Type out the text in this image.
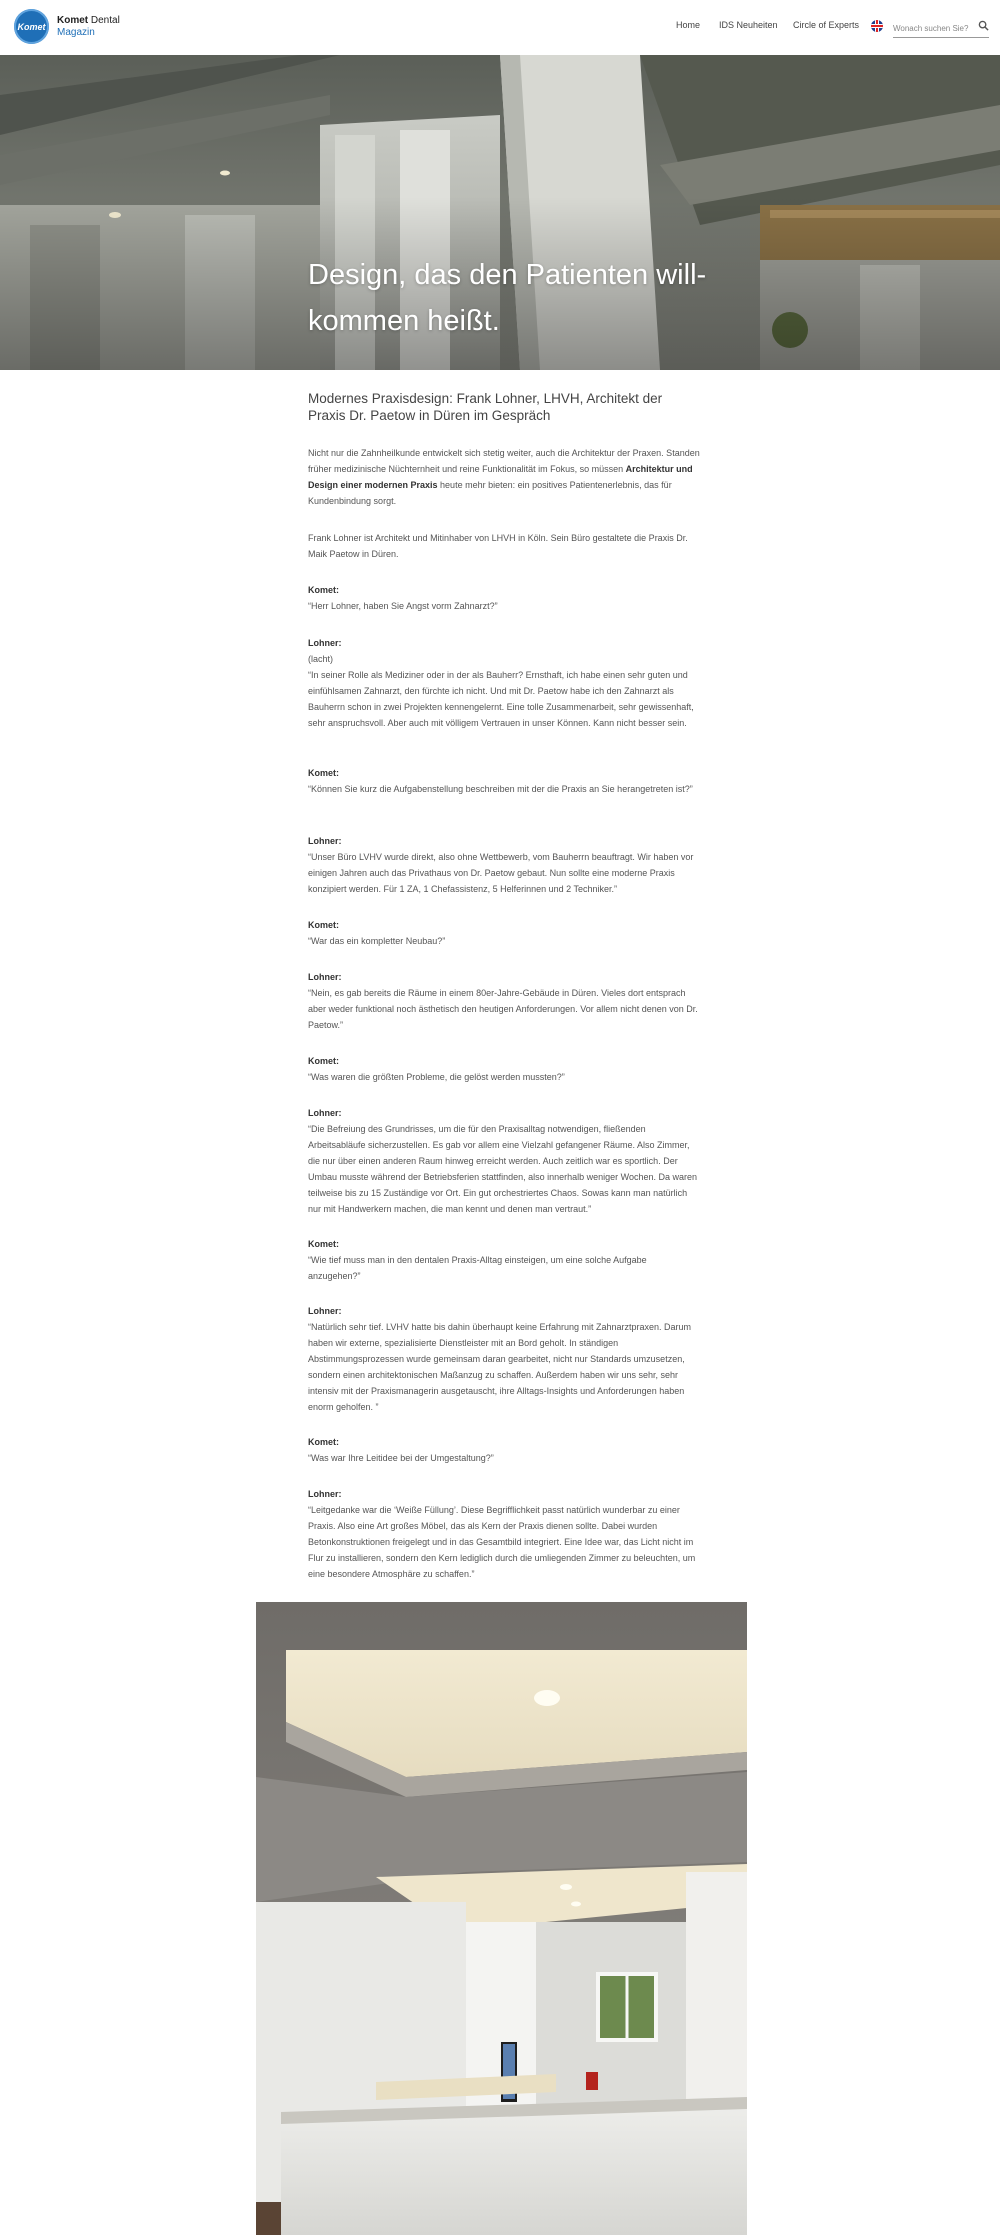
Komet
Komet Dental
Magazin
Home IDS Neuheiten Circle of Experts
Wonach suchen Sie?
Design, das den Patienten will-
kommen heißt.
Modernes Praxisdesign: Frank Lohner, LHVH, Architekt der Praxis Dr. Paetow in Düren im Gespräch

Nicht nur die Zahnheilkunde entwickelt sich stetig weiter, auch die Architektur der Praxen. Standen früher medizinische Nüchternheit und reine Funktionalität im Fokus, so müssen Architektur und Design einer modernen Praxis heute mehr bieten: ein positives Patientenerlebnis, das für Kundenbindung sorgt.

Frank Lohner ist Architekt und Mitinhaber von LHVH in Köln. Sein Büro gestaltete die Praxis Dr. Maik Paetow in Düren.

Komet:

“Herr Lohner, haben Sie Angst vorm Zahnarzt?”

Lohner:

(lacht)

“In seiner Rolle als Mediziner oder in der als Bauherr? Ernsthaft, ich habe einen sehr guten und einfühlsamen Zahnarzt, den fürchte ich nicht. Und mit Dr. Paetow habe ich den Zahnarzt als Bauherrn schon in zwei Projekten kennengelernt. Eine tolle Zusammenarbeit, sehr gewissenhaft, sehr anspruchsvoll. Aber auch mit völligem Vertrauen in unser Können. Kann nicht besser sein.

Komet:

“Können Sie kurz die Aufgabenstellung beschreiben mit der die Praxis an Sie herangetreten ist?”

Lohner:

“Unser Büro LVHV wurde direkt, also ohne Wettbewerb, vom Bauherrn beauftragt. Wir haben vor einigen Jahren auch das Privathaus von Dr. Paetow gebaut. Nun sollte eine moderne Praxis konzipiert werden. Für 1 ZA, 1 Chefassistenz, 5 Helferinnen und 2 Techniker.”

Komet:

“War das ein kompletter Neubau?”

Lohner:

“Nein, es gab bereits die Räume in einem 80er-Jahre-Gebäude in Düren. Vieles dort entsprach aber weder funktional noch ästhetisch den heutigen Anforderungen. Vor allem nicht denen von Dr. Paetow.”

Komet:

“Was waren die größten Probleme, die gelöst werden mussten?”

Lohner:

“Die Befreiung des Grundrisses, um die für den Praxisalltag notwendigen, fließenden Arbeitsabläufe sicherzustellen. Es gab vor allem eine Vielzahl gefangener Räume. Also Zimmer, die nur über einen anderen Raum hinweg erreicht werden. Auch zeitlich war es sportlich. Der Umbau musste während der Betriebsferien stattfinden, also innerhalb weniger Wochen. Da waren teilweise bis zu 15 Zuständige vor Ort. Ein gut orchestriertes Chaos. Sowas kann man natürlich nur mit Handwerkern machen, die man kennt und denen man vertraut.”

Komet:

“Wie tief muss man in den dentalen Praxis-Alltag einsteigen, um eine solche Aufgabe anzugehen?”

Lohner:

“Natürlich sehr tief. LVHV hatte bis dahin überhaupt keine Erfahrung mit Zahnarztpraxen. Darum haben wir externe, spezialisierte Dienstleister mit an Bord geholt. In ständigen Abstimmungsprozessen wurde gemeinsam daran gearbeitet, nicht nur Standards umzusetzen, sondern einen architektonischen Maßanzug zu schaffen. Außerdem haben wir uns sehr, sehr intensiv mit der Praxismanagerin ausgetauscht, ihre Alltags-Insights und Anforderungen haben enorm geholfen. ”

Komet:

“Was war Ihre Leitidee bei der Umgestaltung?”

Lohner:

“Leitgedanke war die ‘Weiße Füllung’. Diese Begrifflichkeit passt natürlich wunderbar zu einer Praxis. Also eine Art großes Möbel, das als Kern der Praxis dienen sollte. Dabei wurden Betonkonstruktionen freigelegt und in das Gesamtbild integriert. Eine Idee war, das Licht nicht im Flur zu installieren, sondern den Kern lediglich durch die umliegenden Zimmer zu beleuchten, um eine besondere Atmosphäre zu schaffen.”
